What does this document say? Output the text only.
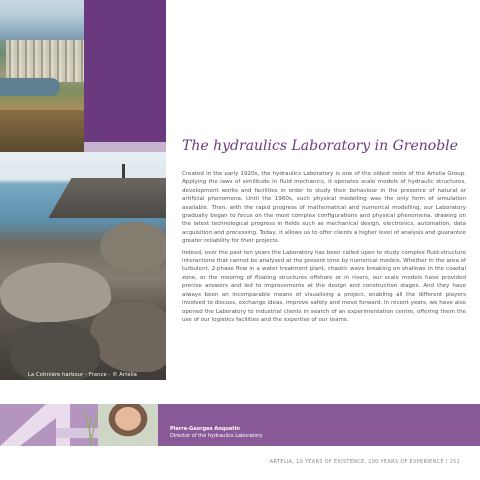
La Cotinière harbour - France - © Artelia
The hydraulics Laboratory in Grenoble

Created in the early 1920s, the hydraulics Laboratory is one of the oldest roots of the Artelia Group. Applying the laws of similitude in fluid mechanics, it operates scale models of hydraulic structures, development works and facilities in order to study their behaviour in the presence of natural or artificial phenomena. Until the 1960s, such physical modelling was the only form of simulation available. Then, with the rapid progress of mathematical and numerical modelling, our Laboratory gradually began to focus on the most complex configurations and physical phenomena, drawing on the latest technological progress in fields such as mechanical design, electronics, automation, data acquisition and processing. Today, it allows us to offer clients a higher level of analysis and guarantee greater reliability for their projects.

Indeed, over the past ten years the Laboratory has been called upon to study complex fluid-structure interactions that cannot be analysed at the present time by numerical models. Whether in the area of turbulent, 2-phase flow in a water treatment plant, chaotic wave breaking on shallows in the coastal zone, or the mooring of floating structures offshore or in rivers, our scale models have provided precise answers and led to improvements at the design and construction stages. And they have always been an incomparable means of visualising a project, enabling all the different players involved to discuss, exchange ideas, improve safety and move forward. In recent years, we have also opened the Laboratory to industrial clients in search of an experimentation centre, offering them the use of our logistics facilities and the expertise of our teams.

Pierre-Georges Anquetin
Director of the hydraulics Laboratory
ARTELIA, 10 YEARS OF EXISTENCE, 100 YEARS OF EXPERIENCE / 151
